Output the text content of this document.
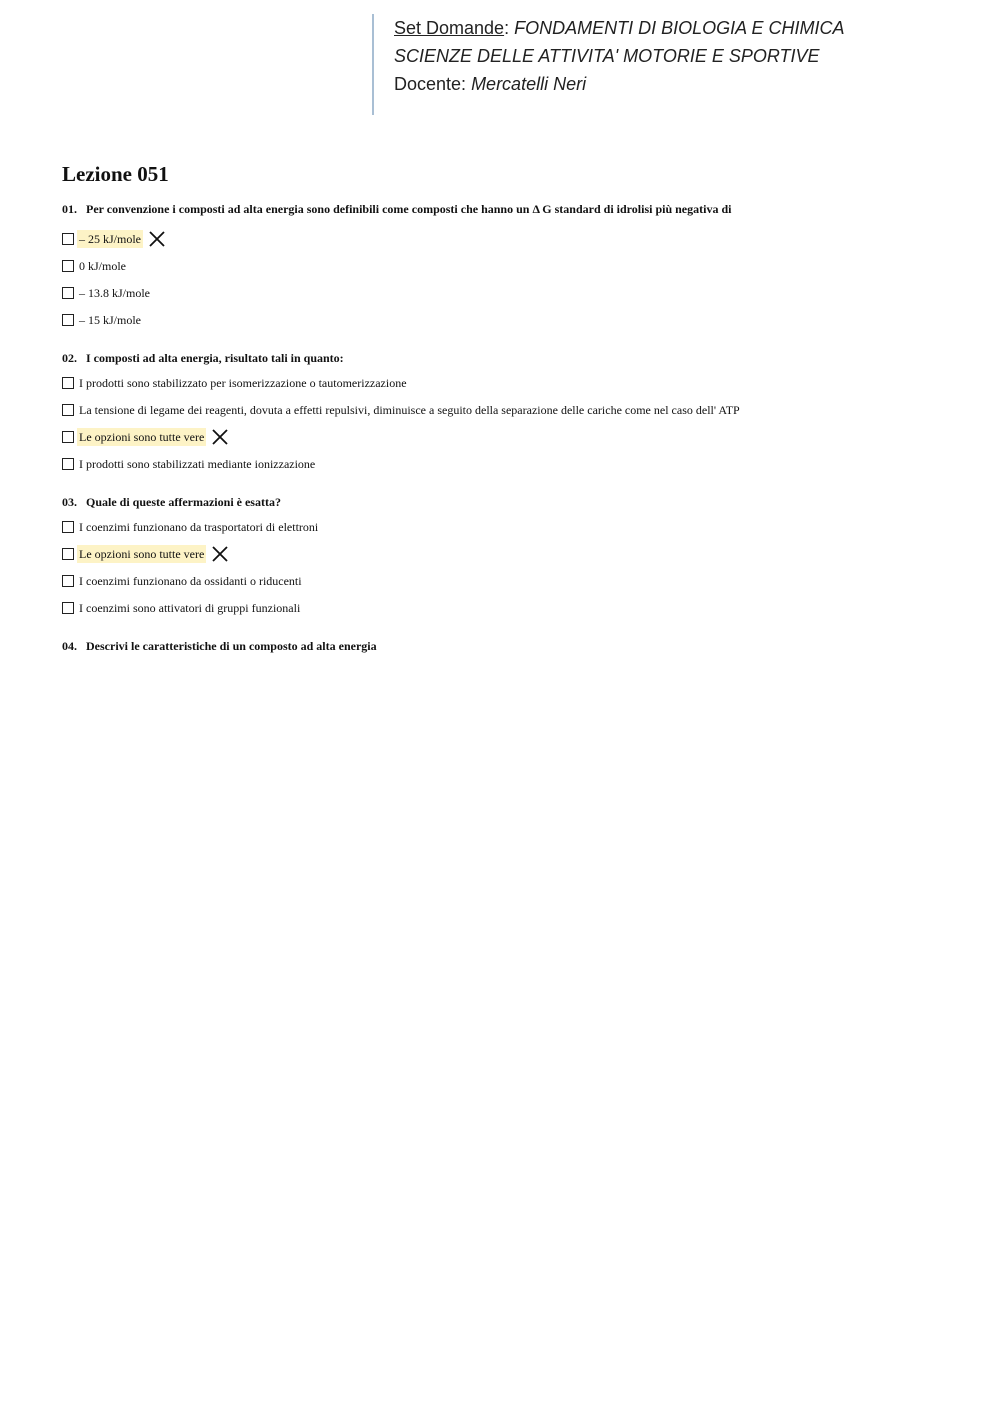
Set Domande: FONDAMENTI DI BIOLOGIA E CHIMICA
SCIENZE DELLE ATTIVITA' MOTORIE E SPORTIVE
Docente: Mercatelli Neri
Lezione 051
01. Per convenzione i composti ad alta energia sono definibili come composti che hanno un Δ G standard di idrolisi più negativa di
– 25 kJ/mole
0 kJ/mole
– 13.8 kJ/mole
– 15 kJ/mole
02. I composti ad alta energia, risultato tali in quanto:
I prodotti sono stabilizzato per isomerizzazione o tautomerizzazione
La tensione di legame dei reagenti, dovuta a effetti repulsivi, diminuisce a seguito della separazione delle cariche come nel caso dell' ATP
Le opzioni sono tutte vere
I prodotti sono stabilizzati mediante ionizzazione
03. Quale di queste affermazioni è esatta?
I coenzimi funzionano da trasportatori di elettroni
Le opzioni sono tutte vere
I coenzimi funzionano da ossidanti o riducenti
I coenzimi sono attivatori di gruppi funzionali
04. Descrivi le caratteristiche di un composto ad alta energia
